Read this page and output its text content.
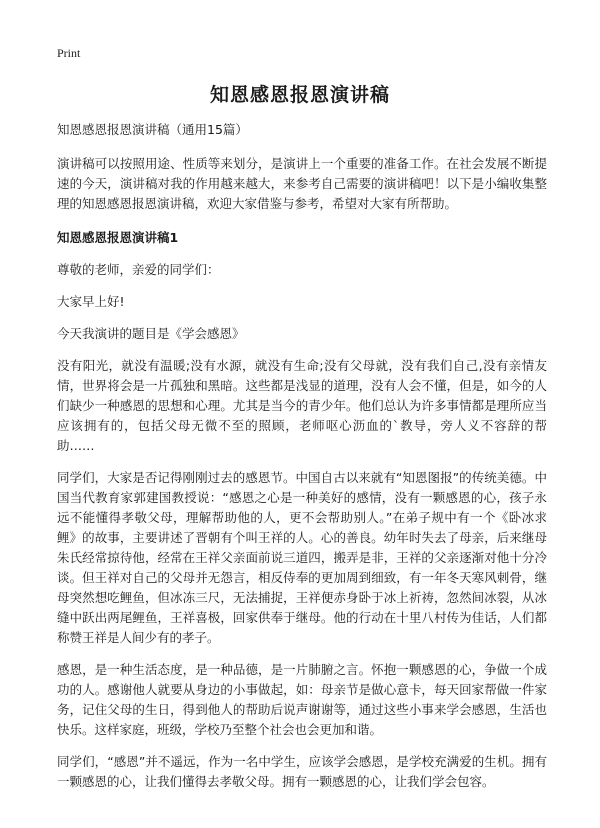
Print
知恩感恩报恩演讲稿

知恩感恩报恩演讲稿（通用15篇）

演讲稿可以按照用途、性质等来划分，是演讲上一个重要的准备工作。在社会发展不断提速的今天，演讲稿对我的作用越来越大，来参考自己需要的演讲稿吧！以下是小编收集整理的知恩感恩报恩演讲稿，欢迎大家借鉴与参考，希望对大家有所帮助。

知恩感恩报恩演讲稿1

尊敬的老师，亲爱的同学们：

大家早上好!

今天我演讲的题目是《学会感恩》

没有阳光，就没有温暖;没有水源，就没有生命;没有父母就，没有我们自己,没有亲情友情，世界将会是一片孤独和黑暗。这些都是浅显的道理，没有人会不懂，但是，如今的人们缺少一种感恩的思想和心理。尤其是当今的青少年。他们总认为许多事情都是理所应当应该拥有的，包括父母无微不至的照顾，老师呕心沥血的`教导，旁人义不容辞的帮助……

同学们，大家是否记得刚刚过去的感恩节。中国自古以来就有“知恩图报”的传统美德。中国当代教育家郭建国教授说：“感恩之心是一种美好的感情，没有一颗感恩的心，孩子永远不能懂得孝敬父母，理解帮助他的人，更不会帮助别人。”在弟子规中有一个《卧冰求鲤》的故事，主要讲述了晋朝有个叫王祥的人。心的善良。幼年时失去了母亲，后来继母朱氏经常掠待他，经常在王祥父亲面前说三道四，搬弄是非，王祥的父亲逐渐对他十分冷谈。但王祥对自己的父母并无怨言，相反侍奉的更加周到细致，有一年冬天寒风刺骨，继母突然想吃鲤鱼，但冰冻三尺，无法捕捉，王祥便赤身卧于冰上祈祷，忽然间冰裂，从冰缝中跃出两尾鲤鱼，王祥喜极，回家供奉于继母。他的行动在十里八村传为佳话，人们都称赞王祥是人间少有的孝子。

感恩，是一种生活态度，是一种品德，是一片肺腑之言。怀抱一颗感恩的心，争做一个成功的人。感谢他人就要从身边的小事做起，如：母亲节是做心意卡，每天回家帮做一件家务，记住父母的生日，得到他人的帮助后说声谢谢等，通过这些小事来学会感恩，生活也快乐。这样家庭，班级，学校乃至整个社会也会更加和谐。

同学们，“感恩”并不遥远，作为一名中学生，应该学会感恩，是学校充满爱的生机。拥有一颗感恩的心，让我们懂得去孝敬父母。拥有一颗感恩的心，让我们学会包容。
